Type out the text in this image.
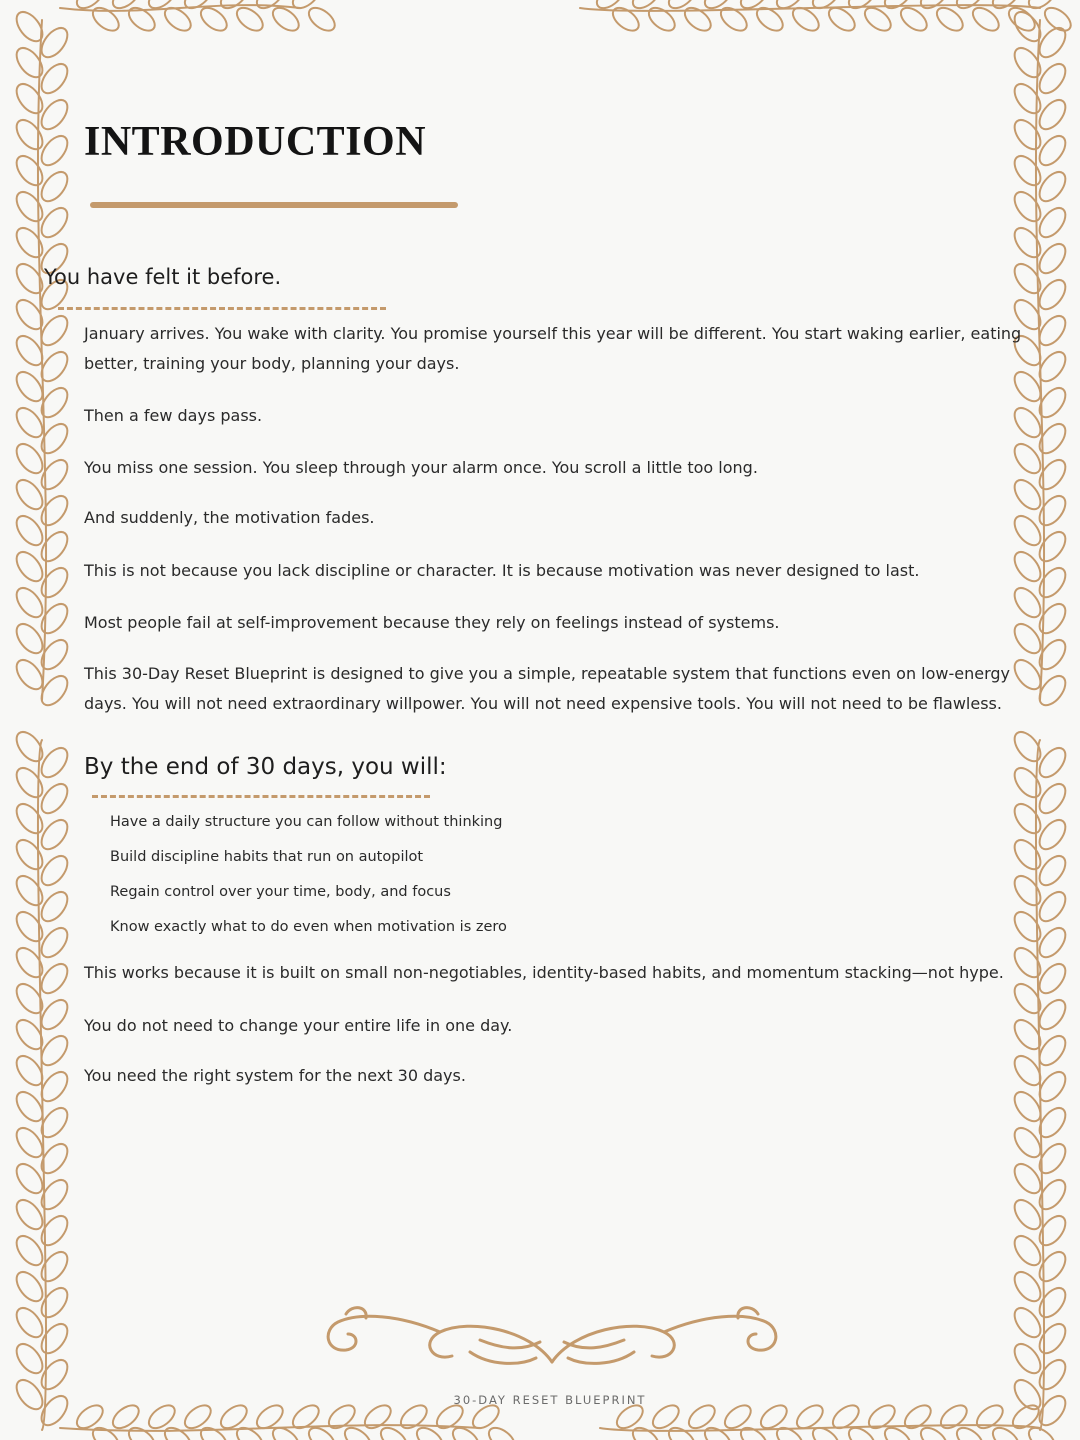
INTRODUCTION
You have felt it before.

January arrives. You wake with clarity. You promise yourself this year will be different. You start waking earlier, eating better, training your body, planning your days.

Then a few days pass.

You miss one session. You sleep through your alarm once. You scroll a little too long.

And suddenly, the motivation fades.

This is not because you lack discipline or character. It is because motivation was never designed to last.

Most people fail at self-improvement because they rely on feelings instead of systems.

This 30-Day Reset Blueprint is designed to give you a simple, repeatable system that functions even on low-energy days. You will not need extraordinary willpower. You will not need expensive tools. You will not need to be flawless.

By the end of 30 days, you will:
Have a daily structure you can follow without thinking
Build discipline habits that run on autopilot
Regain control over your time, body, and focus
Know exactly what to do even when motivation is zero

This works because it is built on small non-negotiables, identity-based habits, and momentum stacking—not hype.

You do not need to change your entire life in one day.

You need the right system for the next 30 days.

30-DAY RESET BLUEPRINT
